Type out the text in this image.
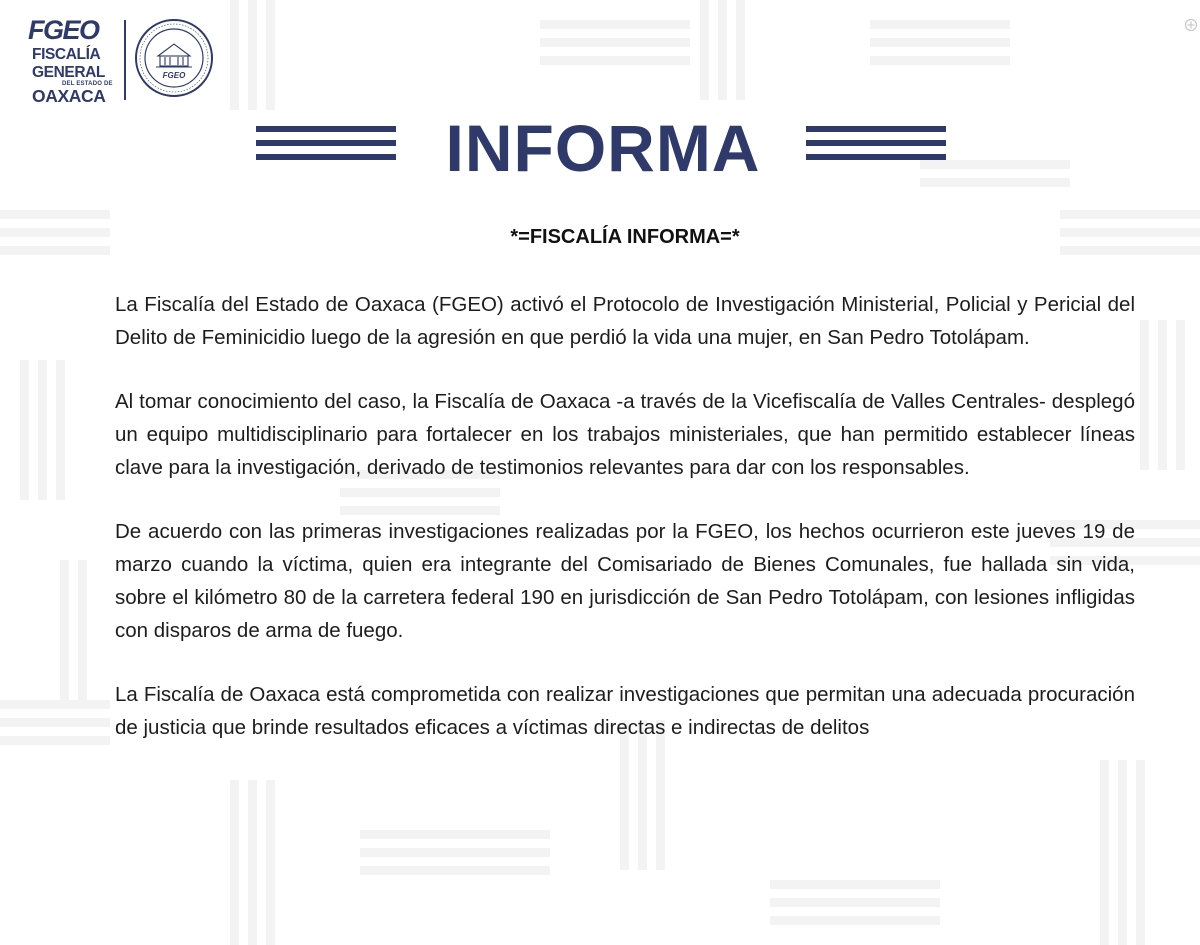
FGEO
FISCALÍA
GENERAL
DEL ESTADO DE
OAXACA
FGEO
INFORMA
*=FISCALÍA INFORMA=*

La Fiscalía del Estado de Oaxaca (FGEO) activó el Protocolo de Investigación Ministerial, Policial y Pericial del Delito de Feminicidio luego de la agresión en que perdió la vida una mujer, en San Pedro Totolápam.

Al tomar conocimiento del caso, la Fiscalía de Oaxaca -a través de la Vicefiscalía de Valles Centrales- desplegó un equipo multidisciplinario para fortalecer en los trabajos ministeriales, que han permitido establecer líneas clave para la investigación, derivado de testimonios relevantes para dar con los responsables.

De acuerdo con las primeras investigaciones realizadas por la FGEO, los hechos ocurrieron este jueves 19 de marzo cuando la víctima, quien era integrante del Comisariado de Bienes Comunales, fue hallada sin vida, sobre el kilómetro 80 de la carretera federal 190 en jurisdicción de San Pedro Totolápam, con lesiones infligidas con disparos de arma de fuego.

La Fiscalía de Oaxaca está comprometida con realizar investigaciones que permitan una adecuada procuración de justicia que brinde resultados eficaces a víctimas directas e indirectas de delitos
